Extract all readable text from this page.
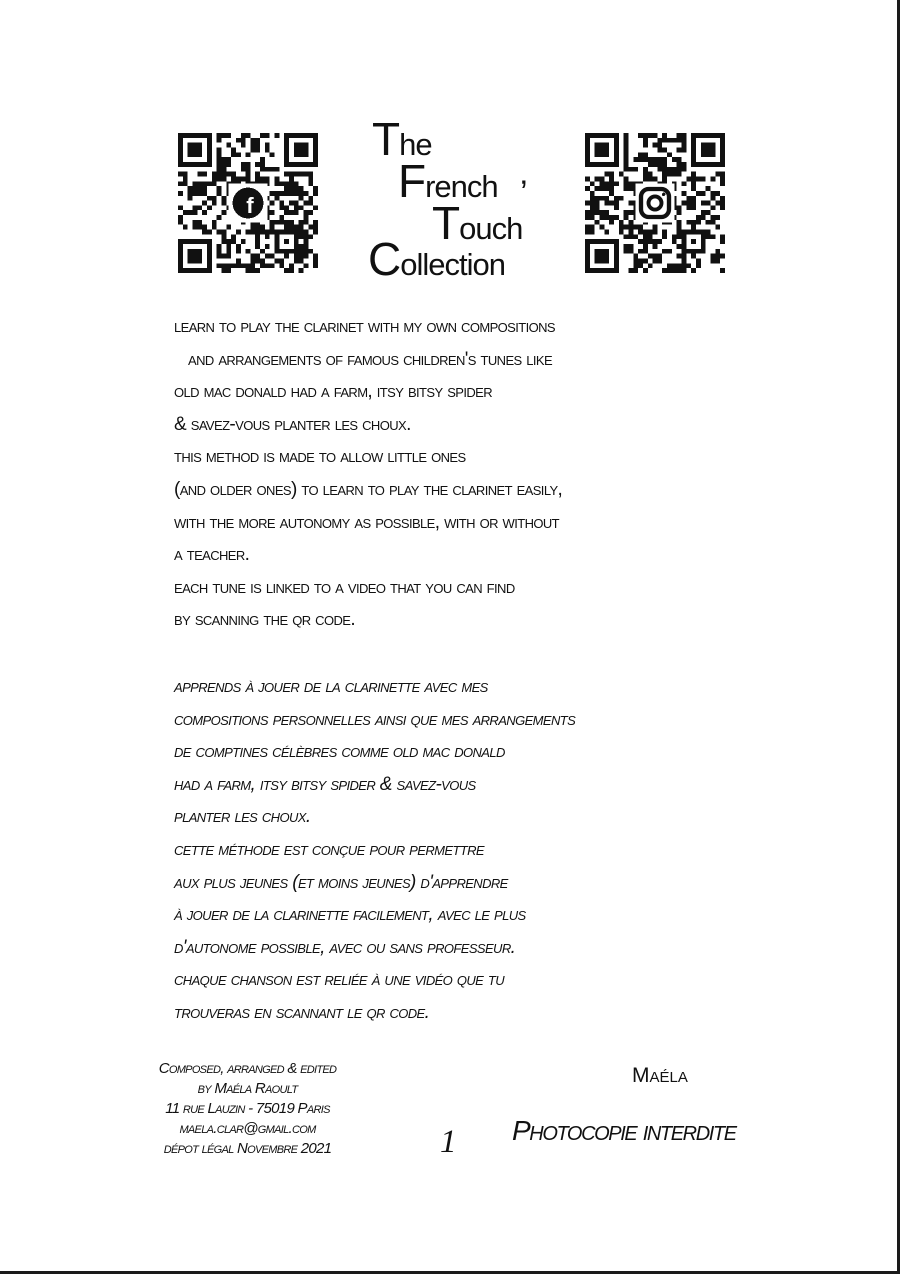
f
The
French
Touch
Collection
’
learn to play the clarinet with my own compositions
and arrangements of famous children's tunes like
old mac donald had a farm, itsy bitsy spider
& savez-vous planter les choux.
this method is made to allow little ones
(and older ones) to learn to play the clarinet easily,
with the more autonomy as possible, with or without
a teacher.
each tune is linked to a video that you can find
by scanning the qr code.
apprends à jouer de la clarinette avec mes
compositions personnelles ainsi que mes arrangements
de comptines célèbres comme old mac donald
had a farm, itsy bitsy spider & savez-vous
planter les choux.
cette méthode est conçue pour permettre
aux plus jeunes (et moins jeunes) d'apprendre
à jouer de la clarinette facilement, avec le plus
d'autonome possible, avec ou sans professeur.
chaque chanson est reliée à une vidéo que tu
trouveras en scannant le qr code.
Composed, arranged & edited
by Maéla Raoult
11 rue Lauzin - 75019 Paris
maela.clar@gmail.com
dépot légal Novembre 2021	1
Maéla
Photocopie interdite
